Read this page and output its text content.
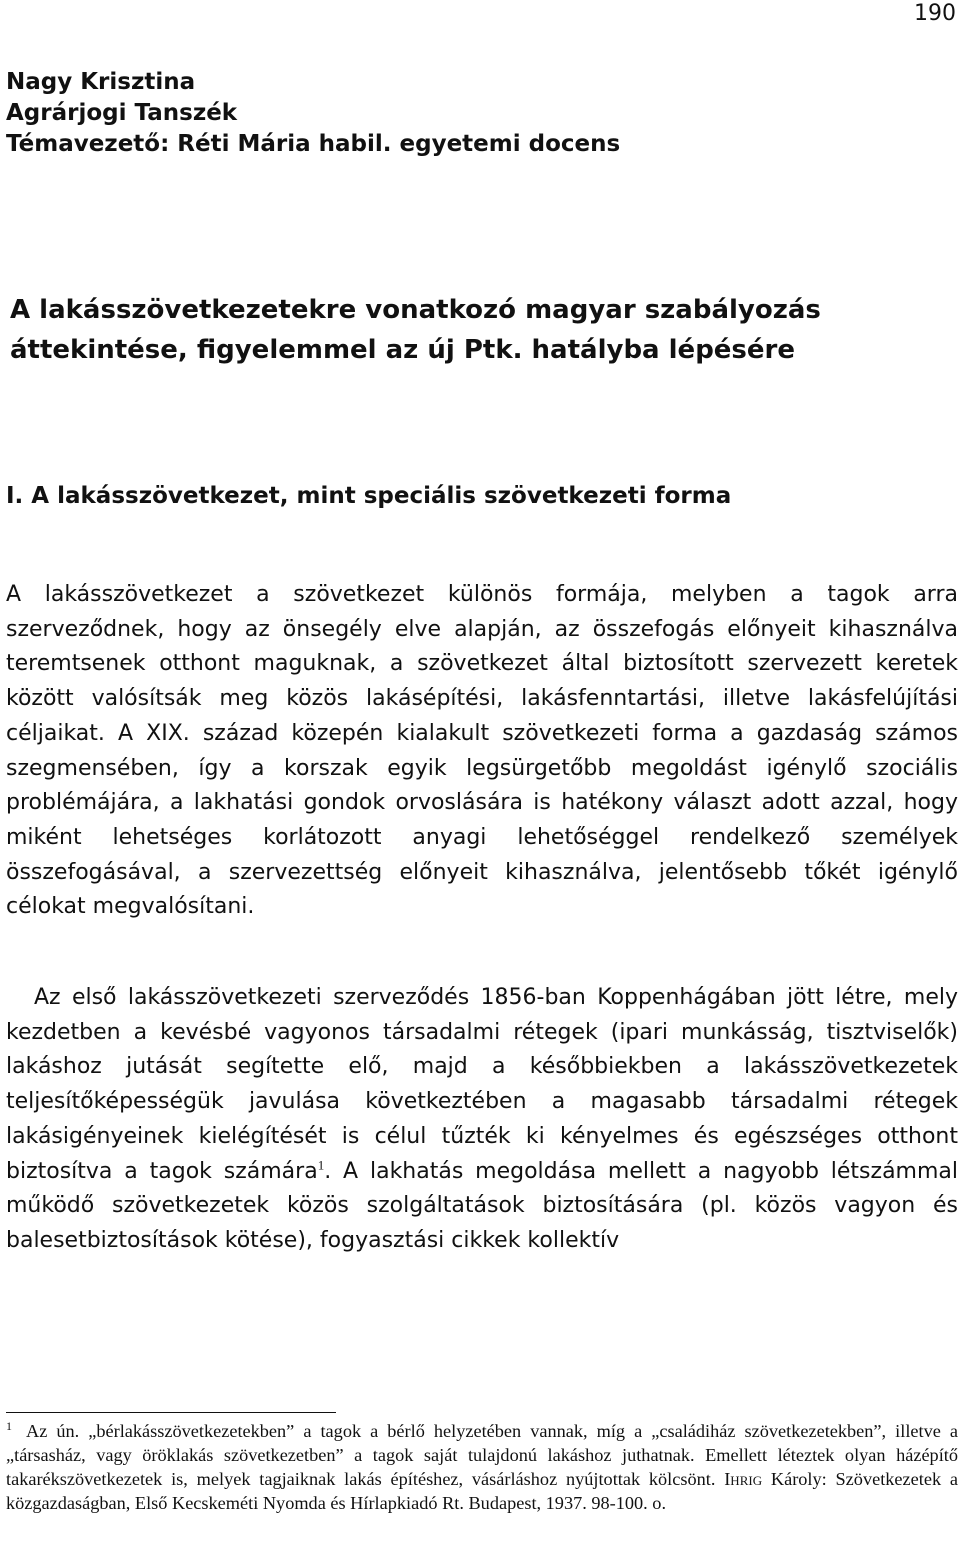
190
Nagy Krisztina
Agrárjogi Tanszék
Témavezető: Réti Mária habil. egyetemi docens
A lakásszövetkezetekre vonatkozó magyar szabályozás
áttekintése, figyelemmel az új Ptk. hatályba lépésére
I. A lakásszövetkezet, mint speciális szövetkezeti forma

A lakásszövetkezet a szövetkezet különös formája, melyben a tagok arra szerveződnek, hogy az önsegély elve alapján, az összefogás előnyeit kihasználva teremtsenek otthont maguknak, a szövetkezet által biztosított szervezett keretek között valósítsák meg közös lakásépítési, lakásfenntartási, illetve lakásfelújítási céljaikat. A XIX. század közepén kialakult szövetkezeti forma a gazdaság számos szegmensében, így a korszak egyik legsürgetőbb megoldást igénylő szociális problémájára, a lakhatási gondok orvoslására is hatékony választ adott azzal, hogy miként lehetséges korlátozott anyagi lehetőséggel rendelkező személyek összefogásával, a szervezettség előnyeit kihasználva, jelentősebb tőkét igénylő célokat megvalósítani.

Az első lakásszövetkezeti szerveződés 1856-ban Koppenhágában jött létre, mely kezdetben a kevésbé vagyonos társadalmi rétegek (ipari munkásság, tisztviselők) lakáshoz jutását segítette elő, majd a későbbiekben a lakásszövetkezetek teljesítőképességük javulása következtében a magasabb társadalmi rétegek lakásigényeinek kielégítését is célul tűzték ki kényelmes és egészséges otthont biztosítva a tagok számára$^1$. A lakhatás megoldása mellett a nagyobb létszámmal működő szövetkezetek közös szolgáltatások biztosítására (pl. közös vagyon és balesetbiztosítások kötése), fogyasztási cikkek kollektív

$^1$ Az ún. „bérlakásszövetkezetekben” a tagok a bérlő helyzetében vannak, míg a „családiház szövetkezetekben”, illetve a „társasház, vagy öröklakás szövetkezetben” a tagok saját tulajdonú lakáshoz juthatnak. Emellett léteztek olyan házépítő takarékszövetkezetek is, melyek tagjaiknak lakás építéshez, vásárláshoz nyújtottak kölcsönt. Ihrig Károly: Szövetkezetek a közgazdaságban, Első Kecskeméti Nyomda és Hírlapkiadó Rt. Budapest, 1937. 98-100. o.
